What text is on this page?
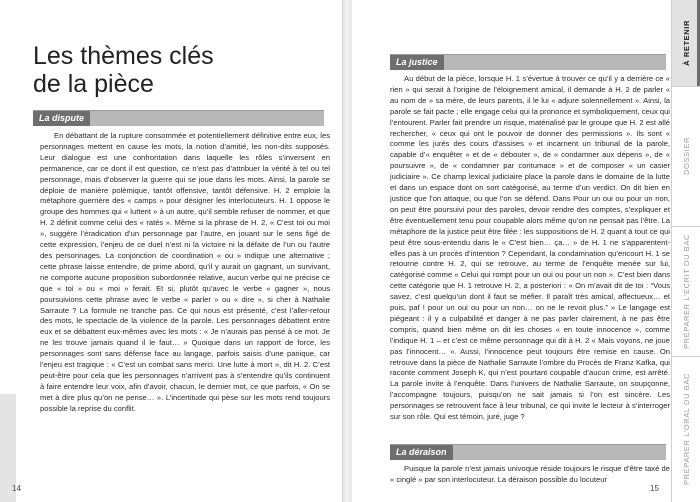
Les thèmes clés
de la pièce
La dispute

En débattant de la rupture consommée et potentiellement définitive entre eux, les personnages mettent en cause les mots, la notion d’amitié, les non-dits supposés. Leur dialogue est une confrontation dans laquelle les rôles s’inversent en permanence, car ce dont il est question, ce n’est pas d’attribuer la vérité à tel ou tel personnage, mais d’observer la guerre qui se joue dans les mots. Ainsi, la parole se déploie de manière polémique, tantôt offensive, tantôt défensive. H. 2 emploie la métaphore guerrière des « camps » pour désigner les interlocuteurs. H. 1 oppose le groupe des hommes qui « luttent » à un autre, qu’il semble refuser de nommer, et que H. 2 définit comme celui des « ratés ». Même si la phrase de H. 2, « C’est toi ou moi », suggère l’éradication d’un personnage par l’autre, en jouant sur le sens figé de cette expression, l’enjeu de ce duel n’est ni la victoire ni la défaite de l’un ou l’autre des personnages. La conjonction de coordination « ou » indique une alternative ; cette phrase laisse entendre, de prime abord, qu’il y aurait un gagnant, un survivant, ne comporte aucune proposition subordonnée relative, aucun verbe qui ne précise ce que « toi » ou « moi » ferait. Et si, plutôt qu’avec le verbe « gagner », nous poursuivions cette phrase avec le verbe « parler » ou « dire », si cher à Nathalie Sarraute ? La formule ne tranche pas. Ce qui nous est présenté, c’est l’aller-retour des mots, le spectacle de la violence de la parole. Les personnages débattent entre eux et se débattent eux-mêmes avec les mots : « Je n’aurais pas pensé à ce mot. Je ne les trouve jamais quand il le faut… » Quoique dans un rapport de force, les personnages sont sans défense face au langage, parfois saisis d’une panique, car l’enjeu est tragique : « C’est un combat sans merci. Une lutte à mort », dit H. 2. C’est peut-être pour cela que les personnages n’arrivent pas à s’entendre qu’ils continuent à faire entendre leur voix, afin d’avoir, chacun, le dernier mot, ce que parfois, « On se met à dire plus qu’on ne pense… ». L’incertitude qui pèse sur les mots rend toujours possible la reprise du conflit.

14
La justice

Au début de la pièce, lorsque H. 1 s’évertue à trouver ce qu’il y a derrière ce « rien » qui serait à l’origine de l’éloignement amical, il demande à H. 2 de parler « au nom de » sa mère, de leurs parents, il le lui « adjure solennellement ». Ainsi, la parole se fait pacte ; elle engage celui qui la prononce et symboliquement, ceux qui l’entourent. Parler fait prendre un risque, matérialisé par le groupe que H. 2 est allé rechercher, « ceux qui ont le pouvoir de donner des permissions ». Ils sont « comme les jurés des cours d’assises » et incarnent un tribunal de la parole, capable d’« enquêter » et de « débouter », de « condamner aux dépens », de « poursuivre », de « condamner par contumace » et de composer « un casier judiciaire ». Ce champ lexical judiciaire place la parole dans le domaine de la lutte et dans un espace dont on sort catégorisé, au terme d’un verdict. On dit bien en justice que l’on attaque, ou que l’on se défend. Dans Pour un oui ou pour un non, on peut être poursuivi pour des paroles, devoir rendre des comptes, s’expliquer et être éventuellement tenu pour coupable alors même qu’on ne pensait pas l’être. La métaphore de la justice peut être filée : les suppositions de H. 2 quant à tout ce qui peut être sous-entendu dans le « C’est bien… ça… » de H. 1 ne s’apparentent-elles pas à un procès d’intention ? Cependant, la condamnation qu’encourt H. 1 se retourne contre H. 2, qui se retrouve, au terme de l’enquête menée sur lui, catégorisé comme « Celui qui rompt pour un oui ou pour un non ». C’est bien dans cette catégorie que H. 1 retrouve H. 2, a posteriori : « On m’avait dit de toi : “Vous savez, c’est quelqu’un dont il faut se méfier. Il paraît très amical, affectueux… et puis, paf ! pour un oui ou pour un non… on ne le revoit plus.” » Le langage est piégeant : il y a culpabilité et danger à ne pas parler clairement, à ne pas être compris, quand bien même on dit les choses « en toute innocence », comme l’indique H. 1 – et c’est ce même personnage qui dit à H. 2 « Mais voyons, ne joue pas l’innocent… ». Aussi, l’innocence peut toujours être remise en cause. On retrouve dans la pièce de Nathalie Sarraute l’ombre du Procès de Franz Kafka, qui raconte comment Joseph K, qui n’est pourtant coupable d’aucun crime, est arrêté. La parole invite à l’enquête. Dans l’univers de Nathalie Sarraute, on soupçonne, l’accompagne toujours, puisqu’on ne sait jamais si l’on est sincère. Les personnages se retrouvent face à leur tribunal, ce qui invite le lecteur à s’interroger sur son rôle. Qui est témoin, juré, juge ?

La déraison

Puisque la parole n’est jamais univoque réside toujours le risque d’être taxé de « cinglé » par son interlocuteur. La déraison possible du locuteur

15
À RETENIR
DOSSIER
PRÉPARER L’ÉCRIT DU BAC
PRÉPARER L’ORAL DU BAC
